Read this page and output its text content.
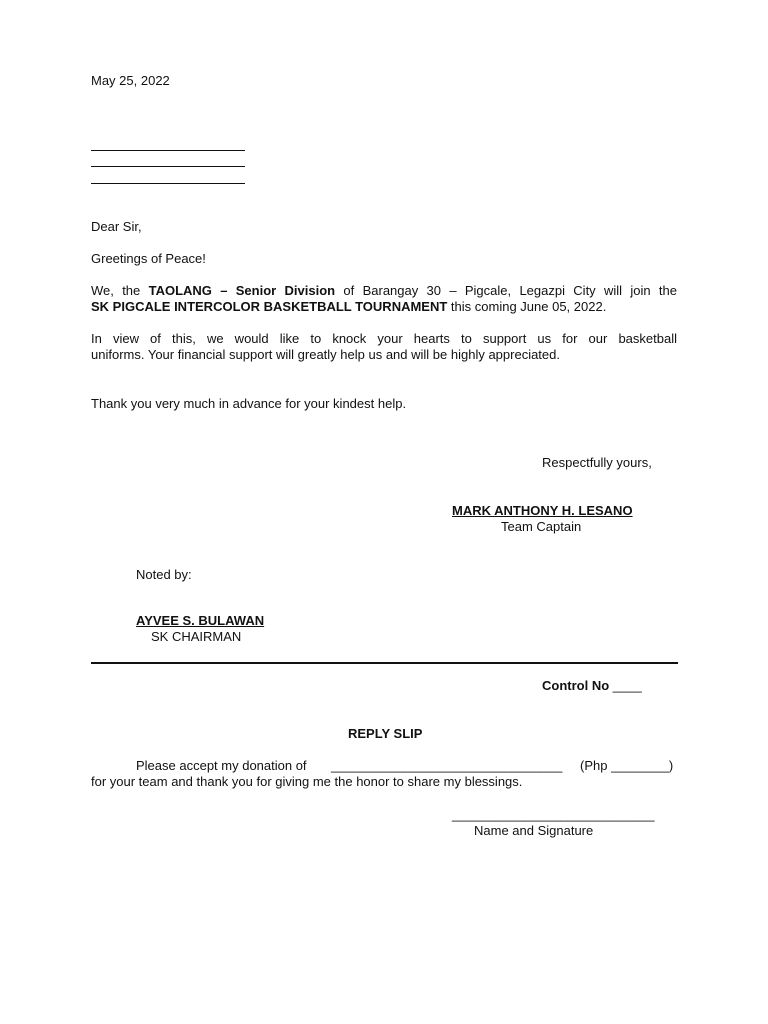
May 25, 2022
Dear Sir,
Greetings of Peace!
We, the TAOLANG – Senior Division of Barangay 30 – Pigcale, Legazpi City will join the
SK PIGCALE INTERCOLOR BASKETBALL TOURNAMENT this coming June 05, 2022.
In view of this, we would like to knock your hearts to support us for our basketball
uniforms. Your financial support will greatly help us and will be highly appreciated.
Thank you very much in advance for your kindest help.
Respectfully yours,
MARK ANTHONY H. LESANO
Team Captain
Noted by:
AYVEE S. BULAWAN
SK CHAIRMAN
Control No ____
REPLY SLIP
Please accept my donation of ________________________________ (Php ________)
for your team and thank you for giving me the honor to share my blessings.
____________________________
Name and Signature
